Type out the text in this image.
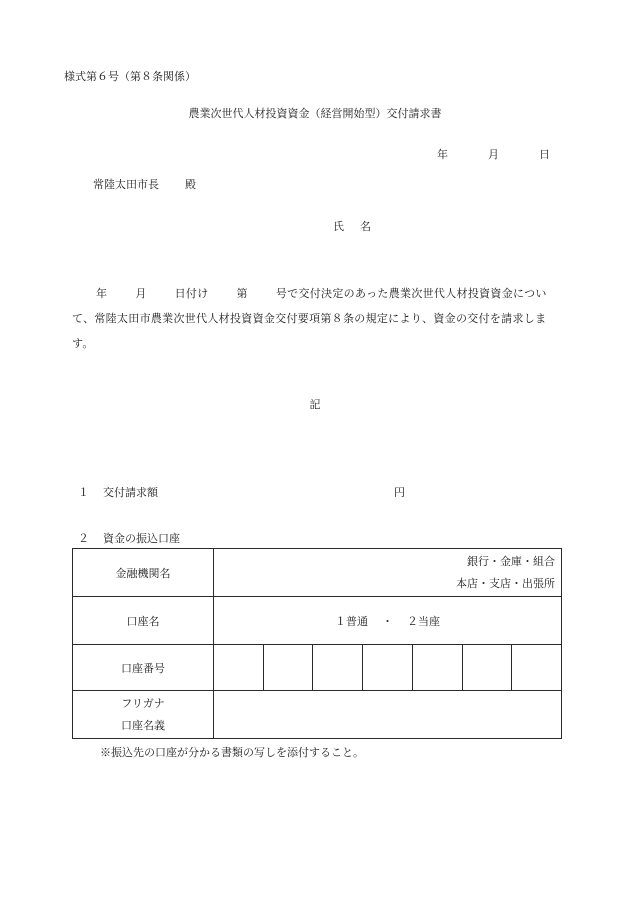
様式第６号（第８条関係）
農業次世代人材投資資金（経営開始型）交付請求書
年	月	日
常陸太田市長 殿
氏 名
年	月	日付け	第	号で交付決定のあった農業次世代人材投資資金について、常陸太田市農業次世代人材投資資金交付要項第８条の規定により、資金の交付を請求します。
記
１ 交付請求額	円
２ 資金の振込口座
金融機関名	銀行・金庫・組合
本店・支店・出張所						

口座名	１普通 ・ ２当座						
口座番号							

フリガナ
口座名義							

※振込先の口座が分かる書類の写しを添付すること。
